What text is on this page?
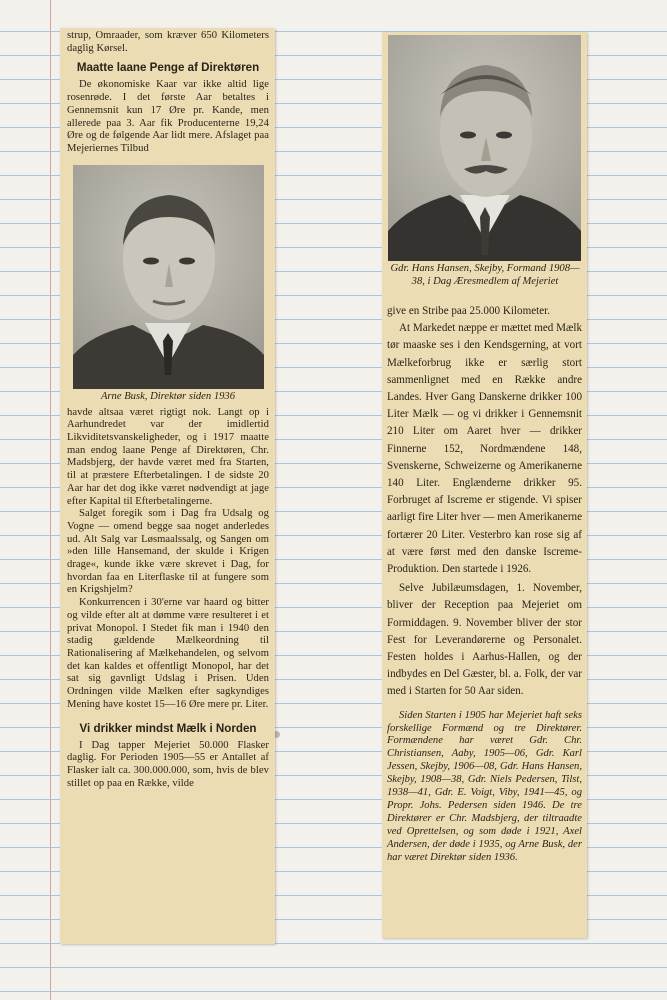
strup, Omraader, som kræver 650 Kilometers daglig Kørsel.

Maatte laane Penge af Direktøren

De økonomiske Kaar var ikke altid lige rosenrøde. I det første Aar betaltes i Gennemsnit kun 17 Øre pr. Kande, men allerede paa 3. Aar fik Producenterne 19,24 Øre og de følgende Aar lidt mere. Afslaget paa Mejeriernes Tilbud

Arne Busk, Direktør siden 1936

havde altsaa været rigtigt nok. Langt op i Aarhundredet var der imidlertid Likviditetsvanskeligheder, og i 1917 maatte man endog laane Penge af Direktøren, Chr. Madsbjerg, der havde været med fra Starten, til at præstere Efterbetalingen. I de sidste 20 Aar har det dog ikke været nødvendigt at jage efter Kapital til Efterbetalingerne.

Salget foregik som i Dag fra Udsalg og Vogne — omend begge saa noget anderledes ud. Alt Salg var Løsmaalssalg, og Sangen om »den lille Hansemand, der skulde i Krigen drage«, kunde ikke være skrevet i Dag, for hvordan faa en Literflaske til at fungere som en Krigshjelm?

Konkurrencen i 30'erne var haard og bitter og vilde efter alt at dømme være resulteret i et privat Monopol. I Stedet fik man i 1940 den stadig gældende Mælkeordning til Rationalisering af Mælkehandelen, og selvom det kan kaldes et offentligt Monopol, har det sat sig gavnligt Udslag i Prisen. Uden Ordningen vilde Mælken efter sagkyndiges Mening have kostet 15—16 Øre mere pr. Liter.

Vi drikker mindst Mælk i Norden

I Dag tapper Mejeriet 50.000 Flasker daglig. For Perioden 1905—55 er Antallet af Flasker ialt ca. 300.000.000, som, hvis de blev stillet op paa en Række, vilde

Gdr. Hans Hansen, Skejby, Formand 1908—38, i Dag Æresmedlem af Mejeriet

give en Stribe paa 25.000 Kilometer.

At Markedet næppe er mættet med Mælk tør maaske ses i den Kendsgerning, at vort Mælkeforbrug ikke er særlig stort sammenlignet med en Række andre Landes. Hver Gang Danskerne drikker 100 Liter Mælk — og vi drikker i Gennemsnit 210 Liter om Aaret hver — drikker Finnerne 152, Nordmændene 148, Svenskerne, Schweizerne og Amerikanerne 140 Liter. Englænderne drikker 95. Forbruget af Iscreme er stigende. Vi spiser aarligt fire Liter hver — men Amerikanerne fortærer 20 Liter. Vesterbro kan rose sig af at være først med den danske Iscreme-Produktion. Den startede i 1926.

Selve Jubilæumsdagen, 1. November, bliver der Reception paa Mejeriet om Formiddagen. 9. November bliver der stor Fest for Leverandørerne og Personalet. Festen holdes i Aarhus-Hallen, og der indbydes en Del Gæster, bl. a. Folk, der var med i Starten for 50 Aar siden.

Siden Starten i 1905 har Mejeriet haft seks forskellige Formænd og tre Direktører. Formændene har været Gdr. Chr. Christiansen, Aaby, 1905—06, Gdr. Karl Jessen, Skejby, 1906—08, Gdr. Hans Hansen, Skejby, 1908—38, Gdr. Niels Pedersen, Tilst, 1938—41, Gdr. E. Voigt, Viby, 1941—45, og Propr. Johs. Pedersen siden 1946. De tre Direktører er Chr. Madsbjerg, der tiltraadte ved Oprettelsen, og som døde i 1921, Axel Andersen, der døde i 1935, og Arne Busk, der har været Direktør siden 1936.
